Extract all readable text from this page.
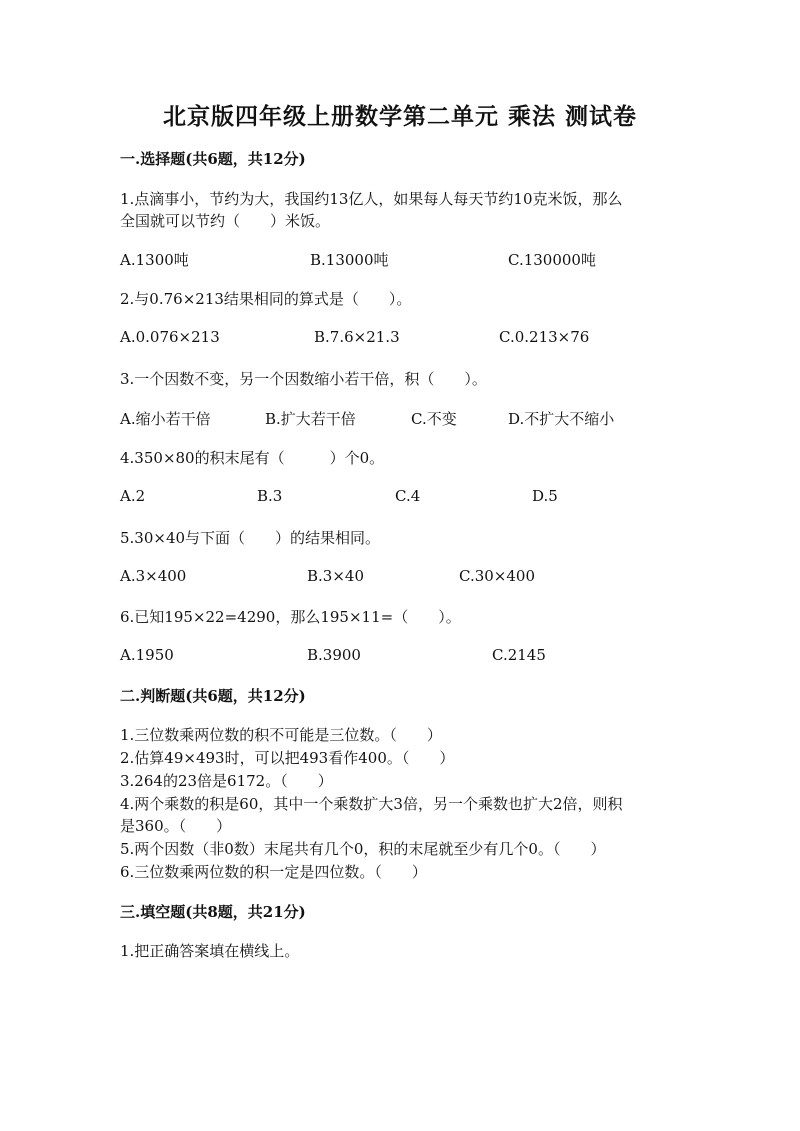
北京版四年级上册数学第二单元 乘法 测试卷
一.选择题(共6题，共12分)
1.点滴事小，节约为大，我国约13亿人，如果每人每天节约10克米饭，那么
全国就可以节约（　　）米饭。
A.1300吨	B.13000吨	C.130000吨
2.与0.76×213结果相同的算式是（　　）。
A.0.076×213	B.7.6×21.3	C.0.213×76
3.一个因数不变，另一个因数缩小若干倍，积（　　）。
A.缩小若干倍	B.扩大若干倍	C.不变	D.不扩大不缩小
4.350×80的积末尾有（　　　）个0。
A.2	B.3	C.4	D.5
5.30×40与下面（　　）的结果相同。
A.3×400	B.3×40	C.30×400
6.已知195×22=4290，那么195×11=（　　）。
A.1950	B.3900	C.2145
二.判断题(共6题，共12分)
1.三位数乘两位数的积不可能是三位数。（　　）
2.估算49×493时，可以把493看作400。（　　）
3.264的23倍是6172。（　　）
4.两个乘数的积是60，其中一个乘数扩大3倍，另一个乘数也扩大2倍，则积
是360。（　　）
5.两个因数（非0数）末尾共有几个0，积的末尾就至少有几个0。（　　）
6.三位数乘两位数的积一定是四位数。（　　）
三.填空题(共8题，共21分)
1.把正确答案填在横线上。
